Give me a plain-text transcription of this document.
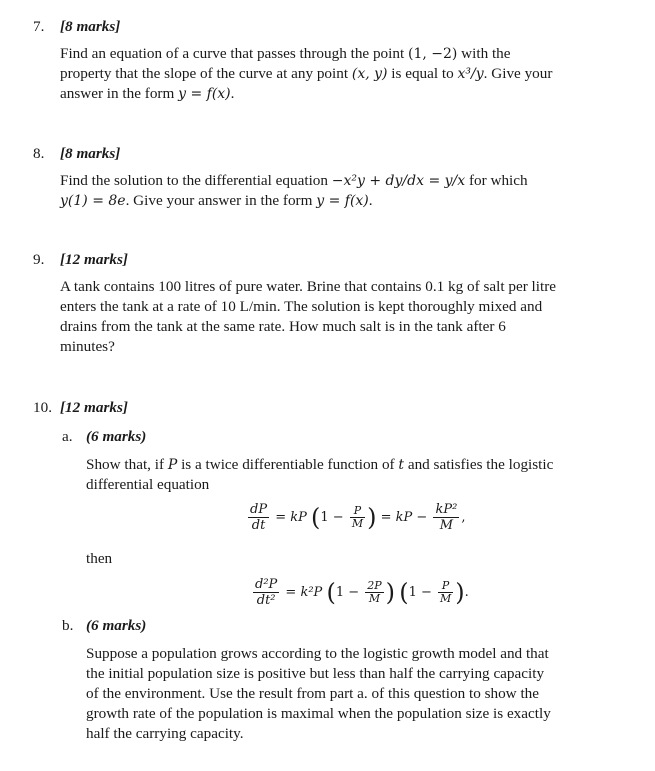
7. [8 marks]
Find an equation of a curve that passes through the point (1, −2) with the
property that the slope of the curve at any point (x, y) is equal to x³/y. Give your
answer in the form y = f(x).
8. [8 marks]
Find the solution to the differential equation −x²y + dy/dx = y/x for which
y(1) = 8e. Give your answer in the form y = f(x).
9. [12 marks]
A tank contains 100 litres of pure water. Brine that contains 0.1 kg of salt per litre
enters the tank at a rate of 10 L/min. The solution is kept thoroughly mixed and
drains from the tank at the same rate. How much salt is in the tank after 6
minutes?
10. [12 marks]
a. (6 marks)
Show that, if P is a twice differentiable function of t and satisfies the logistic
differential equation
$\frac{dP}{dt}$ = kP ($1 - \frac{P}{M}$ ) = kP − $\frac{\text{kP²}}{M}$ ,
then
$\frac{\text{d²P}}{\text{dt²}} = k^2P$ ($1 - \frac{2P}{M}$ ) ($1 - \frac{P}{M}$ ).
b. (6 marks)
Suppose a population grows according to the logistic growth model and that
the initial population size is positive but less than half the carrying capacity
of the environment. Use the result from part a. of this question to show the
growth rate of the population is maximal when the population size is exactly
half the carrying capacity.
